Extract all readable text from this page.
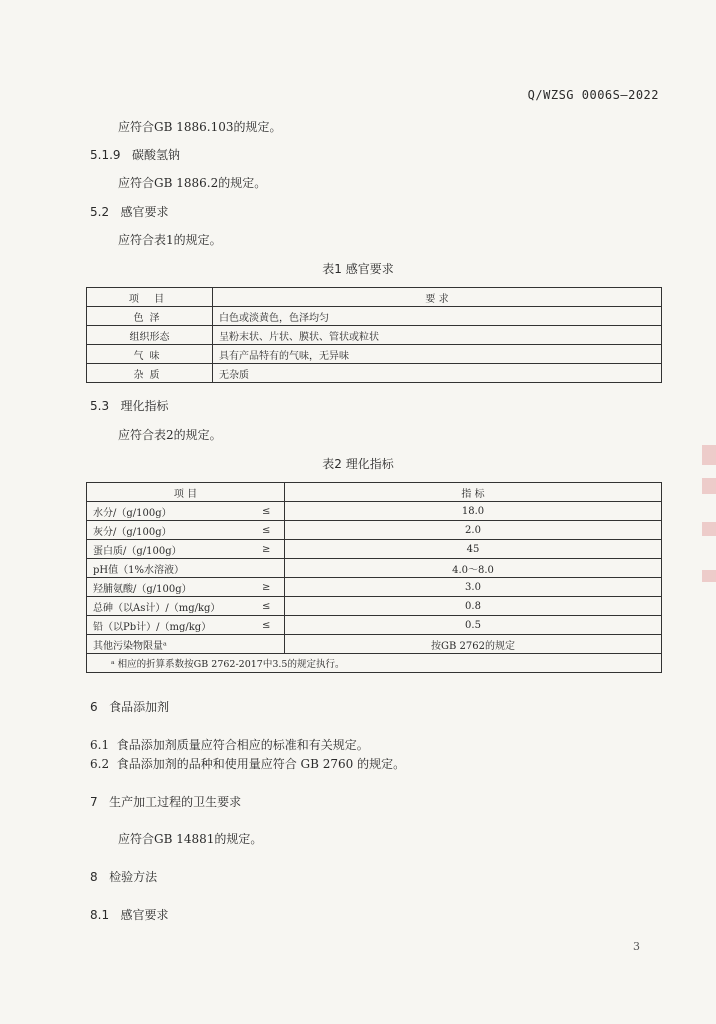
Q/WZSG 0006S—2022
应符合GB 1886.103的规定。
5.1.9 碳酸氢钠
应符合GB 1886.2的规定。
5.2 感官要求
应符合表1的规定。
表1 感官要求
项 目	要 求
色泽	白色或淡黄色，色泽均匀
组织形态	呈粉末状、片状、膜状、管状或粒状
气味	具有产品特有的气味，无异味
杂质	无杂质
5.3 理化指标
应符合表2的规定。
表2 理化指标
项 目		指 标
水分/（g/100g）	≤	18.0
灰分/（g/100g）	≤	2.0
蛋白质/（g/100g）	≥	45
pH值（1%水溶液）		4.0～8.0
羟脯氨酸/（g/100g）	≥	3.0
总砷（以As计）/（mg/kg）	≤	0.8
铅（以Pb计）/（mg/kg）	≤	0.5
其他污染物限量ᵃ		按GB 2762的规定
ᵃ 相应的折算系数按GB 2762-2017中3.5的规定执行。		
6 食品添加剂
6.1 食品添加剂质量应符合相应的标准和有关规定。
6.2 食品添加剂的品种和使用量应符合 GB 2760 的规定。
7 生产加工过程的卫生要求
应符合GB 14881的规定。
8 检验方法
8.1 感官要求
3
